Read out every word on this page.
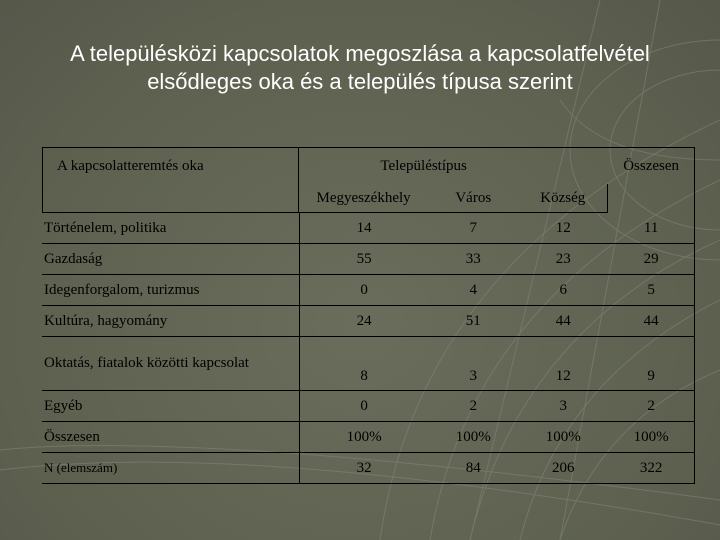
A településközi kapcsolatok megoszlása a kapcsolatfelvétel
elsődleges oka és a település típusa szerint
A kapcsolatteremtés oka	Településtípus			Összesen
	Megyeszékhely	Város	Község	
Történelem, politika	14	7	12	11
Gazdaság	55	33	23	29
Idegenforgalom, turizmus	0	4	6	5
Kultúra, hagyomány	24	51	44	44
Oktatás, fiatalok közötti kapcsolat	8	3	12	9
Egyéb	0	2	3	2
Összesen	100%	100%	100%	100%
N (elemszám)	32	84	206	322
